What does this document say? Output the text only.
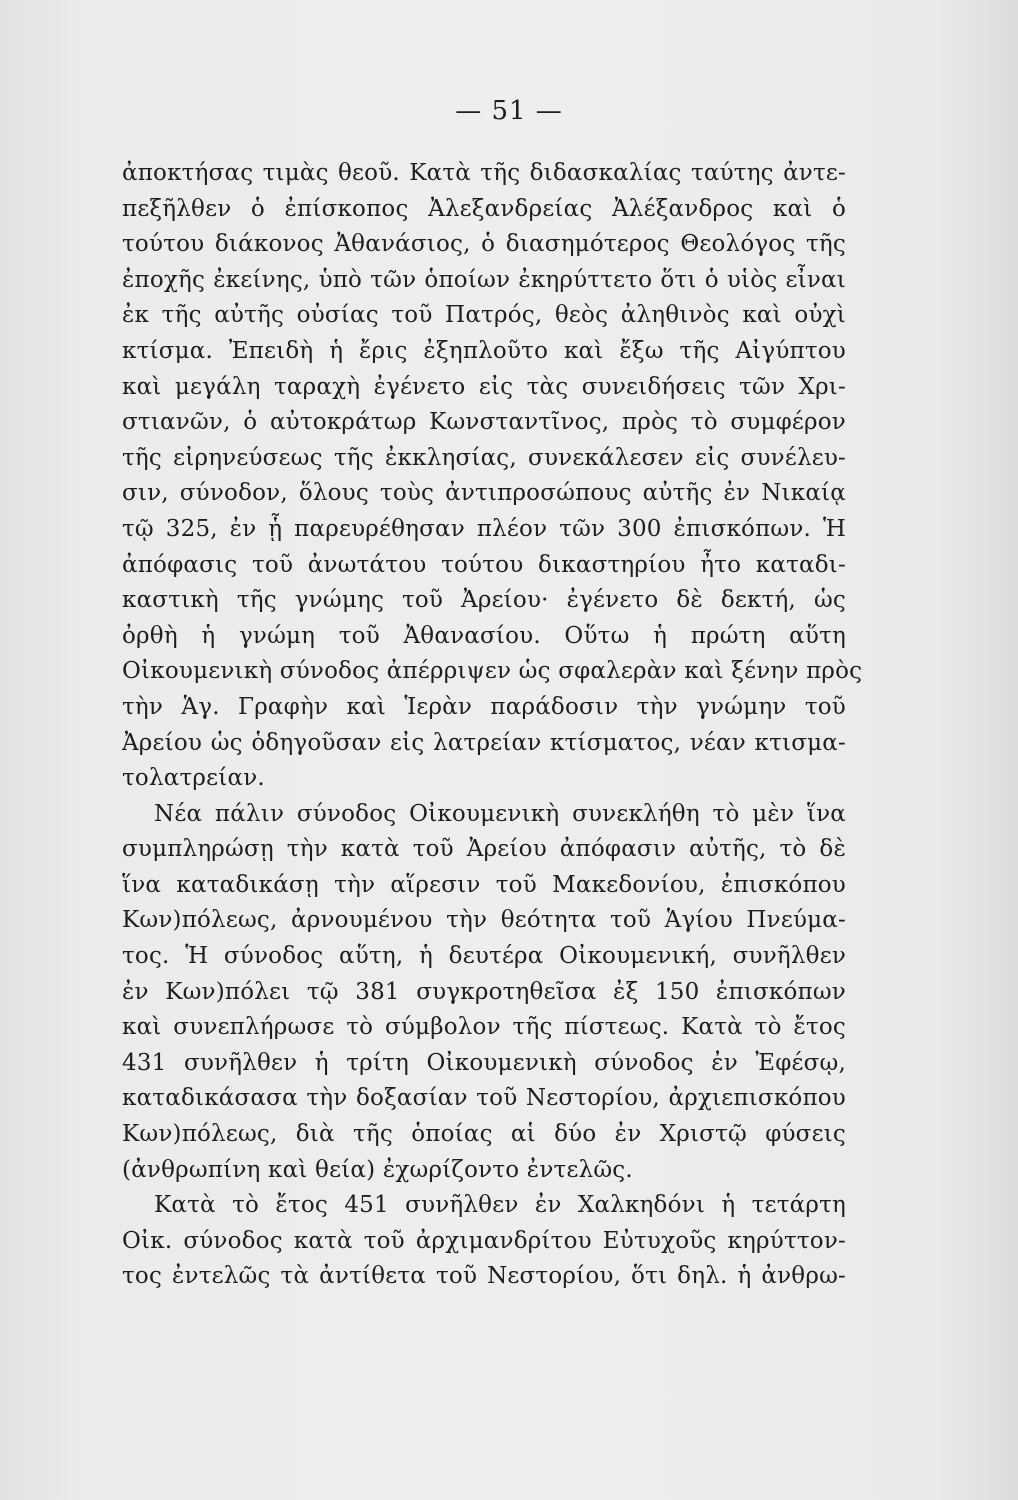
— 51 —
ἀποκτήσας τιμὰς θεοῦ. Κατὰ τῆς διδασκαλίας ταύτης ἀντε-
πεξῆλθεν ὁ ἐπίσκοπος Ἀλεξανδρείας Ἀλέξανδρος καὶ ὁ
τούτου διάκονος Ἀθανάσιος, ὁ διασημότερος Θεολόγος τῆς
ἐποχῆς ἐκείνης, ὑπὸ τῶν ὁποίων ἐκηρύττετο ὅτι ὁ υἱὸς εἶναι
ἐκ τῆς αὐτῆς οὐσίας τοῦ Πατρός, θεὸς ἀληθινὸς καὶ οὐχὶ
κτίσμα. Ἐπειδὴ ἡ ἔρις ἐξηπλοῦτο καὶ ἔξω τῆς Αἰγύπτου
καὶ μεγάλη ταραχὴ ἐγένετο εἰς τὰς συνειδήσεις τῶν Χρι-
στιανῶν, ὁ αὐτοκράτωρ Κωνσταντῖνος, πρὸς τὸ συμφέρον
τῆς εἰρηνεύσεως τῆς ἐκκλησίας, συνεκάλεσεν εἰς συνέλευ-
σιν, σύνοδον, ὅλους τοὺς ἀντιπροσώπους αὐτῆς ἐν Νικαίᾳ
τῷ 325, ἐν ᾗ παρευρέθησαν πλέον τῶν 300 ἐπισκόπων. Ἡ
ἀπόφασις τοῦ ἀνωτάτου τούτου δικαστηρίου ἦτο καταδι-
καστικὴ τῆς γνώμης τοῦ Ἀρείου· ἐγένετο δὲ δεκτή, ὡς
ὀρθὴ ἡ γνώμη τοῦ Ἀθανασίου. Οὕτω ἡ πρώτη αὕτη
Οἰκουμενικὴ σύνοδος ἀπέρριψεν ὡς σφαλερὰν καὶ ξένην πρὸς
τὴν Ἁγ. Γραφὴν καὶ Ἱερὰν παράδοσιν τὴν γνώμην τοῦ
Ἀρείου ὡς ὁδηγοῦσαν εἰς λατρείαν κτίσματος, νέαν κτισμα-
τολατρείαν.
Νέα πάλιν σύνοδος Οἰκουμενικὴ συνεκλήθη τὸ μὲν ἵνα
συμπληρώσῃ τὴν κατὰ τοῦ Ἀρείου ἀπόφασιν αὐτῆς, τὸ δὲ
ἵνα καταδικάσῃ τὴν αἵρεσιν τοῦ Μακεδονίου, ἐπισκόπου
Κων)πόλεως, ἀρνουμένου τὴν θεότητα τοῦ Ἁγίου Πνεύμα-
τος. Ἡ σύνοδος αὕτη, ἡ δευτέρα Οἰκουμενική, συνῆλθεν
ἐν Κων)πόλει τῷ 381 συγκροτηθεῖσα ἐξ 150 ἐπισκόπων
καὶ συνεπλήρωσε τὸ σύμβολον τῆς πίστεως. Κατὰ τὸ ἔτος
431 συνῆλθεν ἡ τρίτη Οἰκουμενικὴ σύνοδος ἐν Ἐφέσῳ,
καταδικάσασα τὴν δοξασίαν τοῦ Νεστορίου, ἀρχιεπισκόπου
Κων)πόλεως, διὰ τῆς ὁποίας αἱ δύο ἐν Χριστῷ φύσεις
(ἀνθρωπίνη καὶ θεία) ἐχωρίζοντο ἐντελῶς.
Κατὰ τὸ ἔτος 451 συνῆλθεν ἐν Χαλκηδόνι ἡ τετάρτη
Οἰκ. σύνοδος κατὰ τοῦ ἀρχιμανδρίτου Εὐτυχοῦς κηρύττον-
τος ἐντελῶς τὰ ἀντίθετα τοῦ Νεστορίου, ὅτι δηλ. ἡ ἀνθρω-
